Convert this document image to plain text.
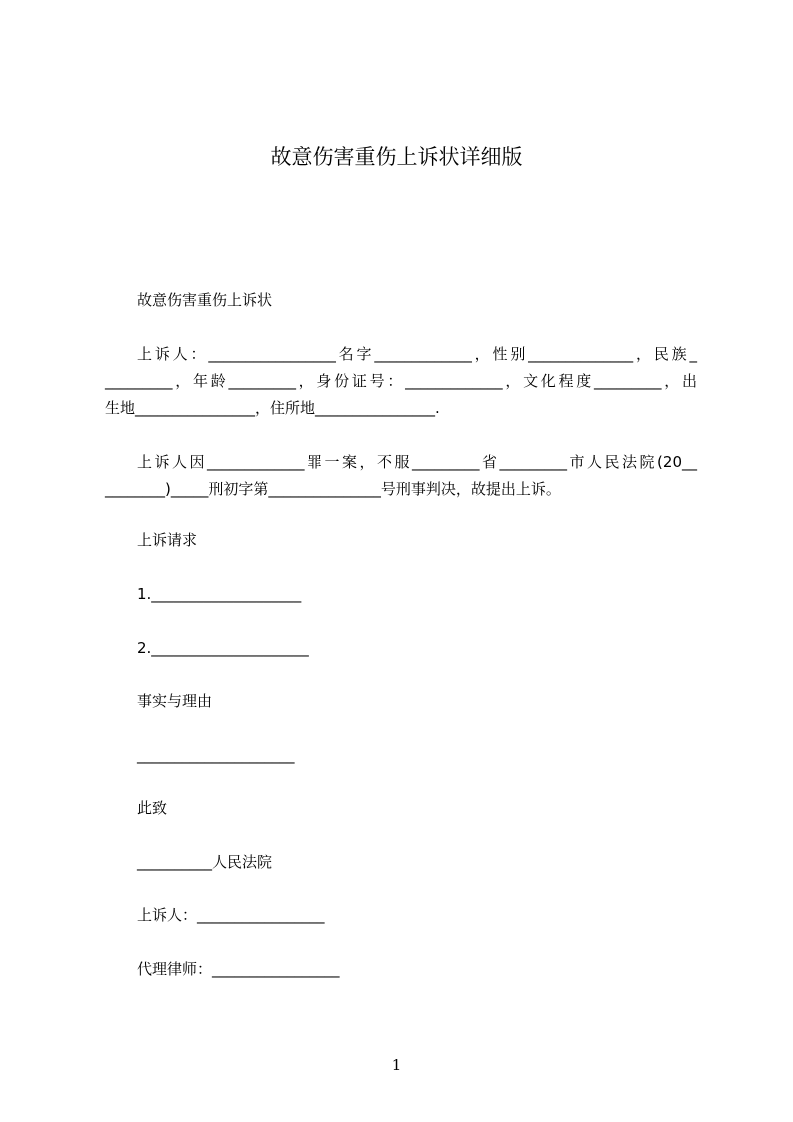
故意伤害重伤上诉状详细版
故意伤害重伤上诉状
上诉人：_________________名字_____________，性别______________，民族_
_________，年龄_________，身份证号：_____________，文化程度_________，出
生地________________，住所地________________.
上诉人因_____________罪一案，不服_________省_________市人民法院(20__
________)_____刑初字第_______________号刑事判决，故提出上诉。
上诉请求
1.____________________
2._____________________
事实与理由
_____________________
此致
__________人民法院
上诉人：_________________
代理律师：_________________
1
